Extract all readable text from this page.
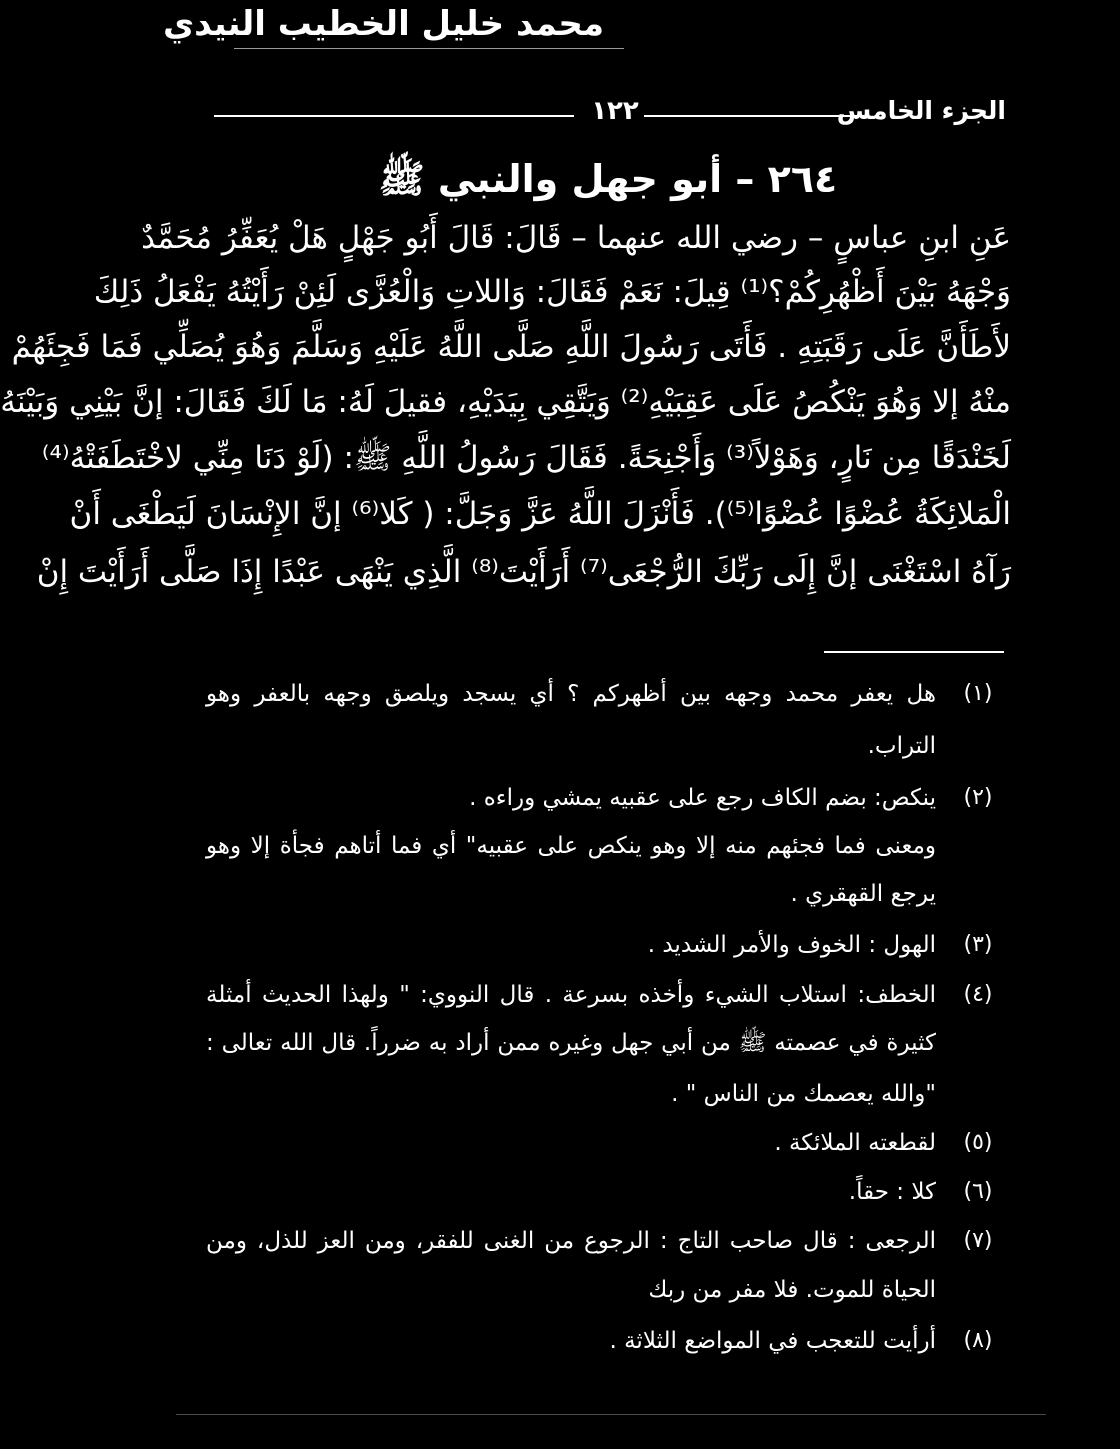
محمد خليل الخطيب النيدي
الجزء الخامس
١٢٢
٢٦٤ – أبو جهل والنبي ﷺ
عَنِ ابنِ عباسٍ – رضي الله عنهما – قَالَ: قَالَ أَبُو جَهْلٍ هَلْ يُعَفِّرُ مُحَمَّدٌ
وَجْهَهُ بَيْنَ أَظْهُرِكُمْ؟⁽¹⁾ قِيلَ: نَعَمْ فَقَالَ: وَاللاتِ وَالْعُزَّى لَئِنْ رَأَيْتُهُ يَفْعَلُ ذَلِكَ
لأَطَأَنَّ عَلَى رَقَبَتِهِ . فَأَتَى رَسُولَ اللَّهِ صَلَّى اللَّهُ عَلَيْهِ وَسَلَّمَ وَهُوَ يُصَلِّي فَمَا فَجِئَهُمْ
منْهُ إلا وَهُوَ يَنْكُصُ عَلَى عَقِبَيْهِ⁽²⁾ وَيَتَّقِي بِيَدَيْهِ، فقيلَ لَهُ: مَا لَكَ فَقَالَ: إنَّ بَيْنِي وَبَيْنَهُ
لَخَنْدَقًا مِن نَارٍ، وَهَوْلاً⁽³⁾ وَأَجْنِحَةً. فَقَالَ رَسُولُ اللَّهِ ﷺ: (لَوْ دَنَا مِنِّي لاخْتَطَفَتْهُ⁽⁴⁾
الْمَلائِكَةُ عُضْوًا عُضْوًا⁽⁵⁾). فَأَنْزَلَ اللَّهُ عَزَّ وَجَلَّ: ( كَلا⁽⁶⁾ إنَّ الإِنْسَانَ لَيَطْغَى أَنْ
رَآهُ اسْتَغْنَى إنَّ إِلَى رَبِّكَ الرُّجْعَى⁽⁷⁾ أَرَأَيْتَ⁽⁸⁾ الَّذِي يَنْهَى عَبْدًا إِذَا صَلَّى أَرَأَيْتَ إِنْ
(١)
هل يعفر محمد وجهه بين أظهركم ؟ أي يسجد ويلصق وجهه بالعفر وهو
التراب.
(٢)
ينكص: بضم الكاف رجع على عقبيه يمشي وراءه .
ومعنى فما فجئهم منه إلا وهو ينكص على عقبيه" أي فما أتاهم فجأة إلا وهو
يرجع القهقري .
(٣)
الهول : الخوف والأمر الشديد .
(٤)
الخطف: استلاب الشيء وأخذه بسرعة . قال النووي: " ولهذا الحديث أمثلة
كثيرة في عصمته ﷺ من أبي جهل وغيره ممن أراد به ضرراً. قال الله تعالى :
"والله يعصمك من الناس " .
(٥)
لقطعته الملائكة .
(٦)
كلا : حقاً.
(٧)
الرجعى : قال صاحب التاج : الرجوع من الغنى للفقر، ومن العز للذل، ومن
الحياة للموت. فلا مفر من ربك
(٨)
أرأيت للتعجب في المواضع الثلاثة .
